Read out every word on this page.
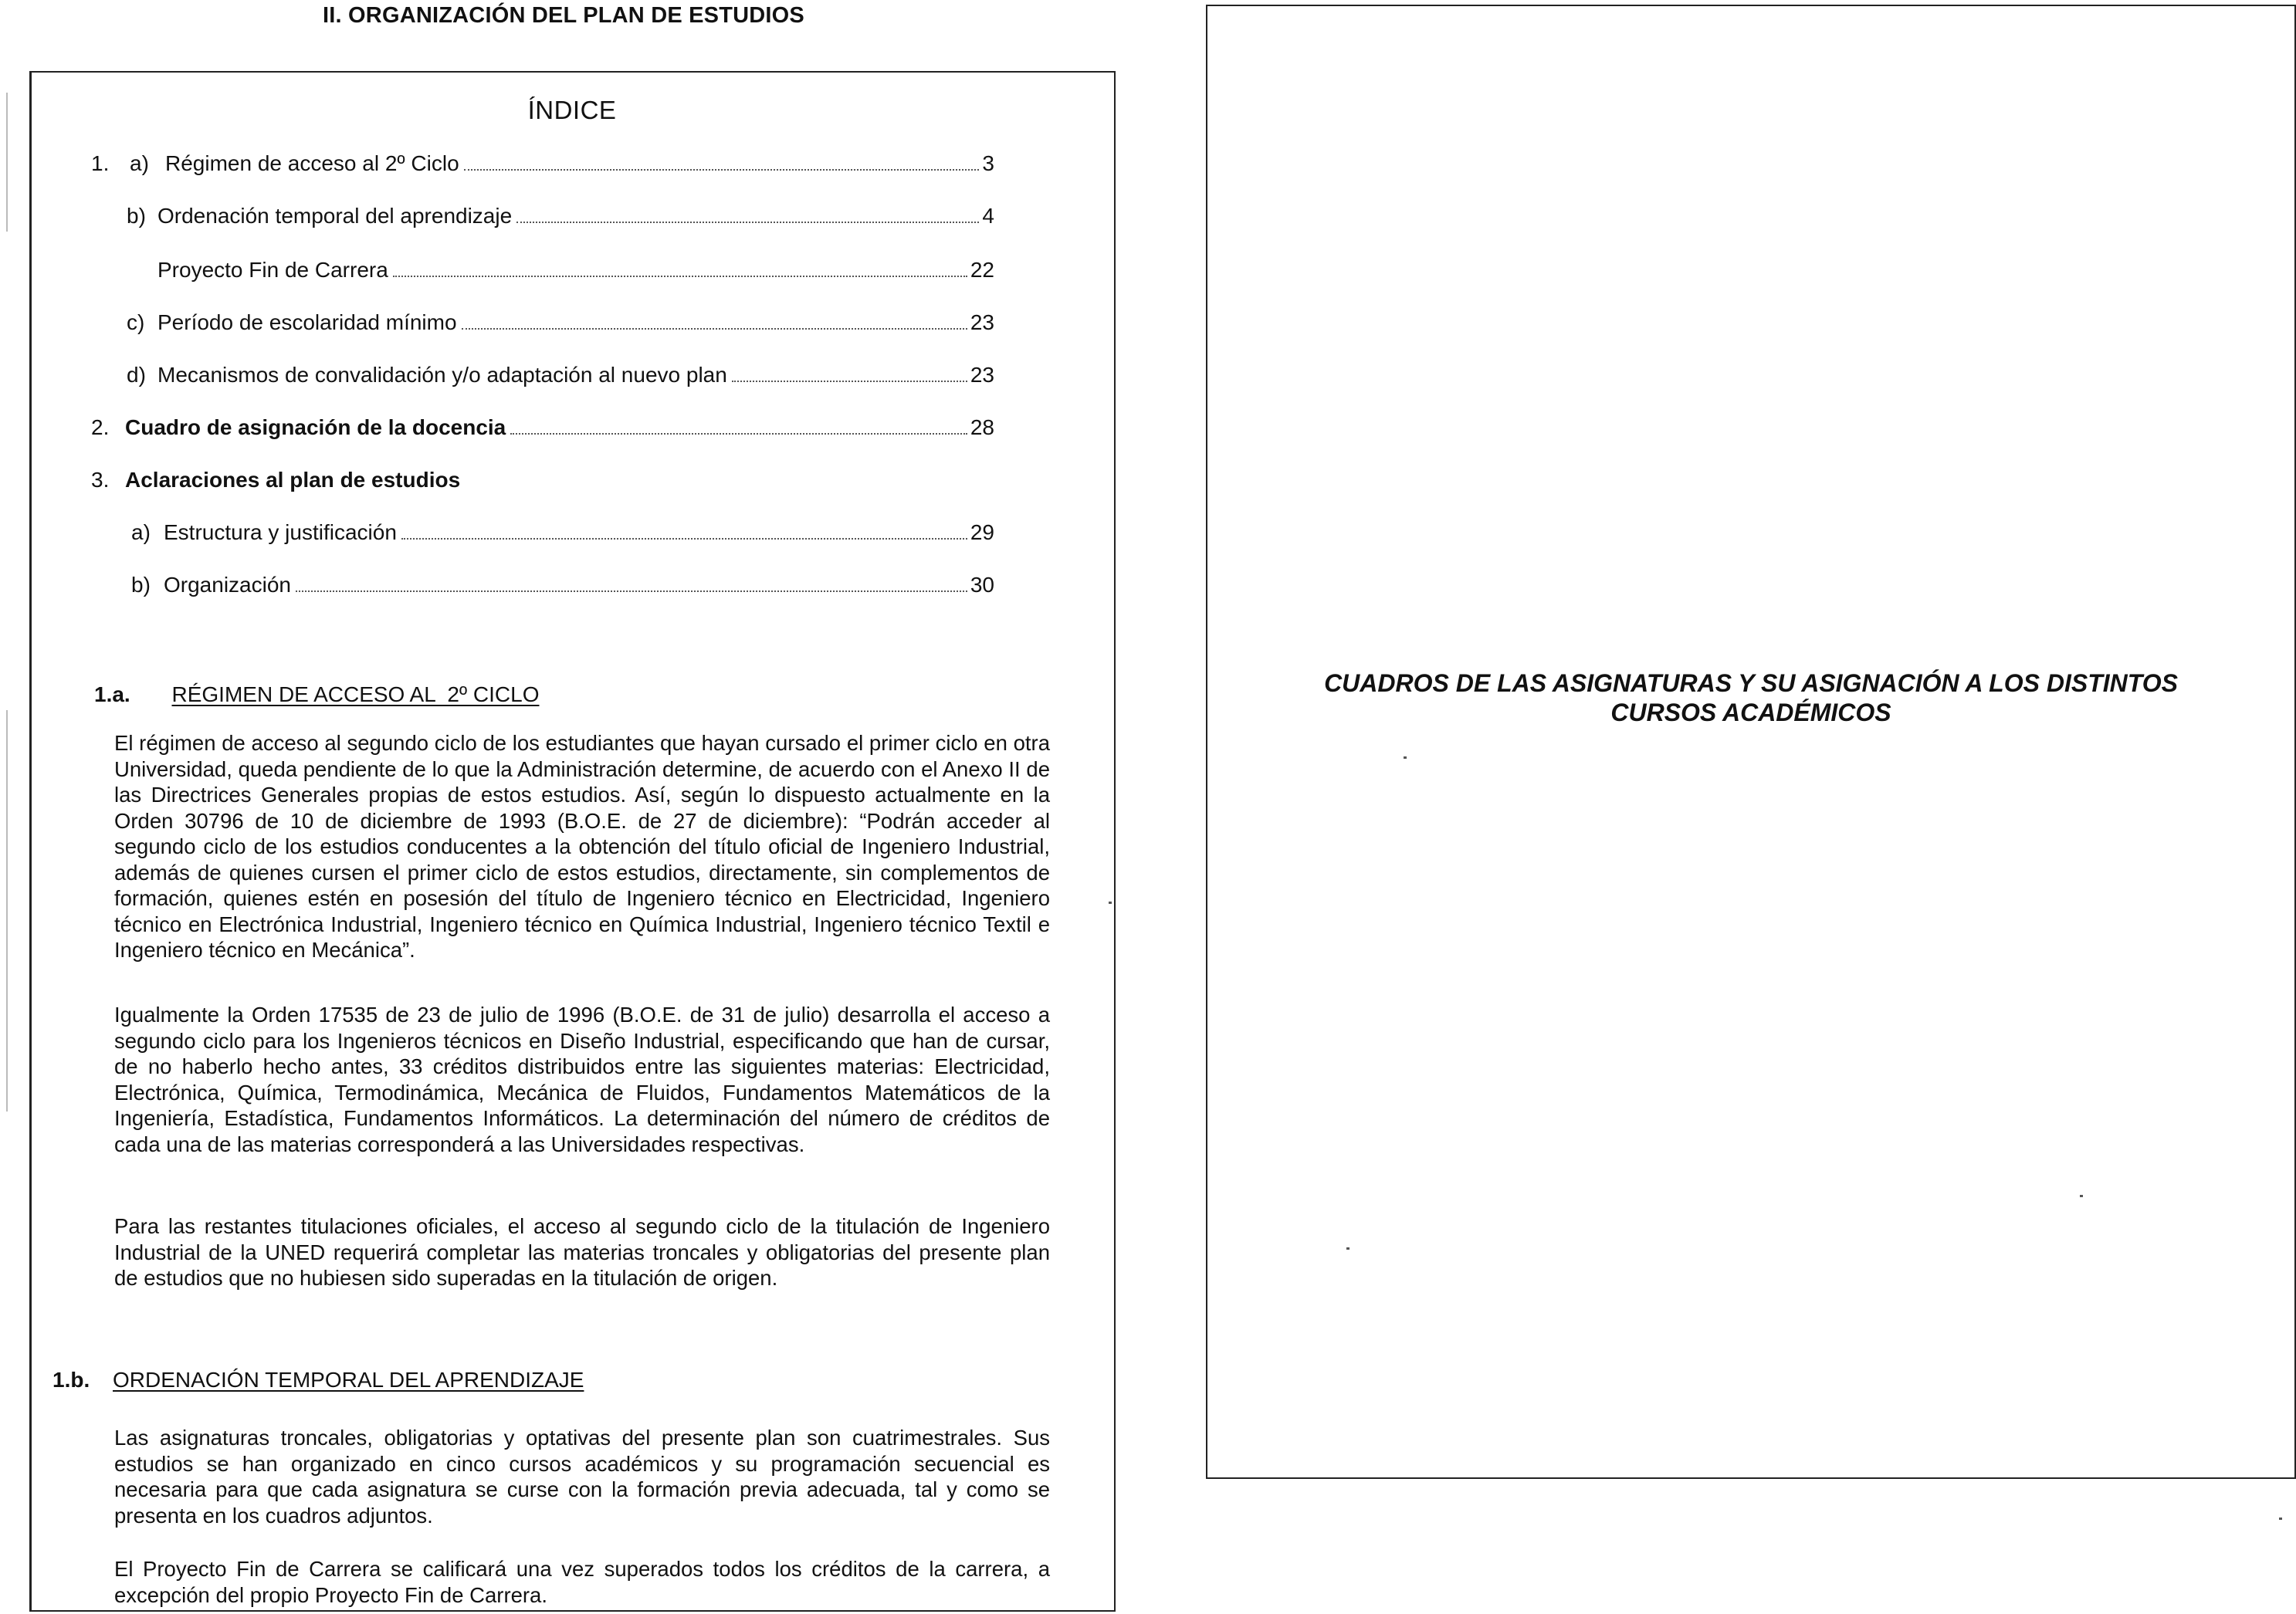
II. ORGANIZACIÓN DEL PLAN DE ESTUDIOS
ÍNDICE
1. a) Régimen de acceso al 2º Ciclo	3
b) Ordenación temporal del aprendizaje	4
Proyecto Fin de Carrera	22
c) Período de escolaridad mínimo	23
d) Mecanismos de convalidación y/o adaptación al nuevo plan	23
2. Cuadro de asignación de la docencia	28
3. Aclaraciones al plan de estudios
a) Estructura y justificación	29
b) Organización	30
1.a. RÉGIMEN DE ACCESO AL  2º CICLO

El régimen de acceso al segundo ciclo de los estudiantes que hayan cursado el primer ciclo en otra Universidad, queda pendiente de lo que la Administración determine, de acuerdo con el Anexo II de las Directrices Generales propias de estos estudios. Así, según lo dispuesto actualmente en la Orden 30796 de 10 de diciembre de 1993 (B.O.E. de 27 de diciembre): “Podrán acceder al segundo ciclo de los estudios conducentes a la obtención del título oficial de Ingeniero Industrial, además de quienes cursen el primer ciclo de estos estudios, directamente, sin complementos de formación, quienes estén en posesión del título de Ingeniero técnico en Electricidad, Ingeniero técnico en Electrónica Industrial, Ingeniero técnico en Química Industrial, Ingeniero técnico Textil e Ingeniero técnico en Mecánica”.

Igualmente la Orden 17535 de 23 de julio de 1996 (B.O.E. de 31 de julio) desarrolla el acceso a segundo ciclo para los Ingenieros técnicos en Diseño Industrial, especificando que han de cursar, de no haberlo hecho antes, 33 créditos distribuidos entre las siguientes materias: Electricidad, Electrónica, Química, Termodinámica, Mecánica de Fluidos, Fundamentos Matemáticos de la Ingeniería, Estadística, Fundamentos Informáticos. La determinación del número de créditos de cada una de las materias corresponderá a las Universidades respectivas.

Para las restantes titulaciones oficiales, el acceso al segundo ciclo de la titulación de Ingeniero Industrial de la UNED requerirá completar las materias troncales y obligatorias del presente plan de estudios que no hubiesen sido superadas en la titulación de origen.

1.b. ORDENACIÓN TEMPORAL DEL APRENDIZAJE

Las asignaturas troncales, obligatorias y optativas del presente plan son cuatrimestrales. Sus estudios se han organizado en cinco cursos académicos y su programación secuencial es necesaria para que cada asignatura se curse con la formación previa adecuada, tal y como se presenta en los cuadros adjuntos.

El Proyecto Fin de Carrera se calificará una vez superados todos los créditos de la carrera, a excepción del propio Proyecto Fin de Carrera.

CUADROS DE LAS ASIGNATURAS Y SU ASIGNACIÓN A LOS DISTINTOS
CURSOS ACADÉMICOS
